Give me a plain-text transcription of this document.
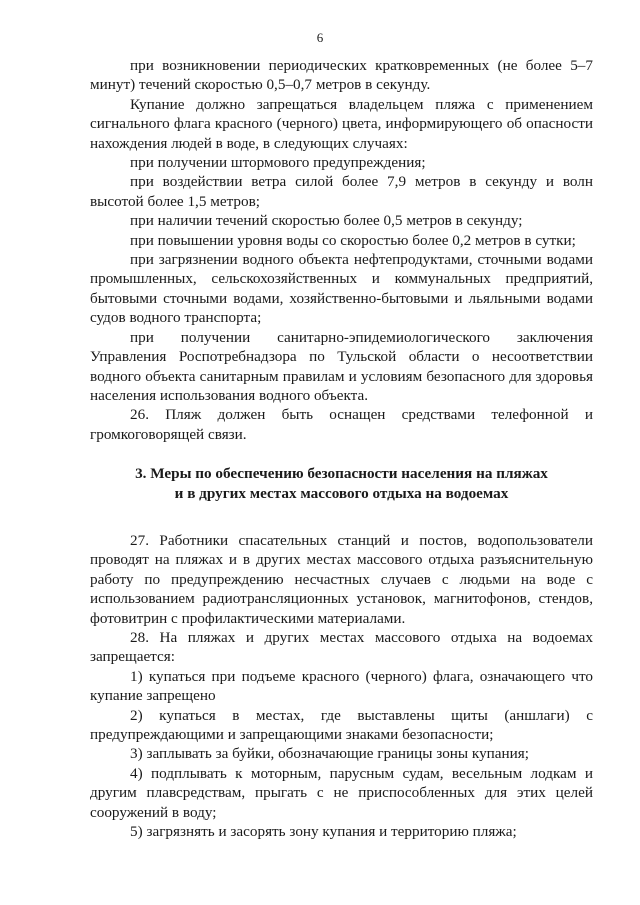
6

при возникновении периодических кратковременных (не более 5–7 минут) течений скоростью 0,5–0,7 метров в секунду.

Купание должно запрещаться владельцем пляжа с применением сигнального флага красного (черного) цвета, информирующего об опасности нахождения людей в воде, в следующих случаях:

при получении штормового предупреждения;

при воздействии ветра силой более 7,9 метров в секунду и волн высотой более 1,5 метров;

при наличии течений скоростью более 0,5 метров в секунду;

при повышении уровня воды со скоростью более 0,2 метров в сутки;

при загрязнении водного объекта нефтепродуктами, сточными водами промышленных, сельскохозяйственных и коммунальных предприятий, бытовыми сточными водами, хозяйственно-бытовыми и льяльными водами судов водного транспорта;

при получении санитарно-эпидемиологического заключения Управления Роспотребнадзора по Тульской области о несоответствии водного объекта санитарным правилам и условиям безопасного для здоровья населения использования водного объекта.

26. Пляж должен быть оснащен средствами телефонной и громкоговорящей связи.

3. Меры по обеспечению безопасности населения на пляжах
и в других местах массового отдыха на водоемах

27. Работники спасательных станций и постов, водопользователи проводят на пляжах и в других местах массового отдыха разъяснительную работу по предупреждению несчастных случаев с людьми на воде с использованием радиотрансляционных установок, магнитофонов, стендов, фотовитрин с профилактическими материалами.

28. На пляжах и других местах массового отдыха на водоемах запрещается:

1) купаться при подъеме красного (черного) флага, означающего что купание запрещено

2) купаться в местах, где выставлены щиты (аншлаги) с предупреждающими и запрещающими знаками безопасности;

3) заплывать за буйки, обозначающие границы зоны купания;

4) подплывать к моторным, парусным судам, весельным лодкам и другим плавсредствам, прыгать с не приспособленных для этих целей сооружений в воду;

5) загрязнять и засорять зону купания и территорию пляжа;
